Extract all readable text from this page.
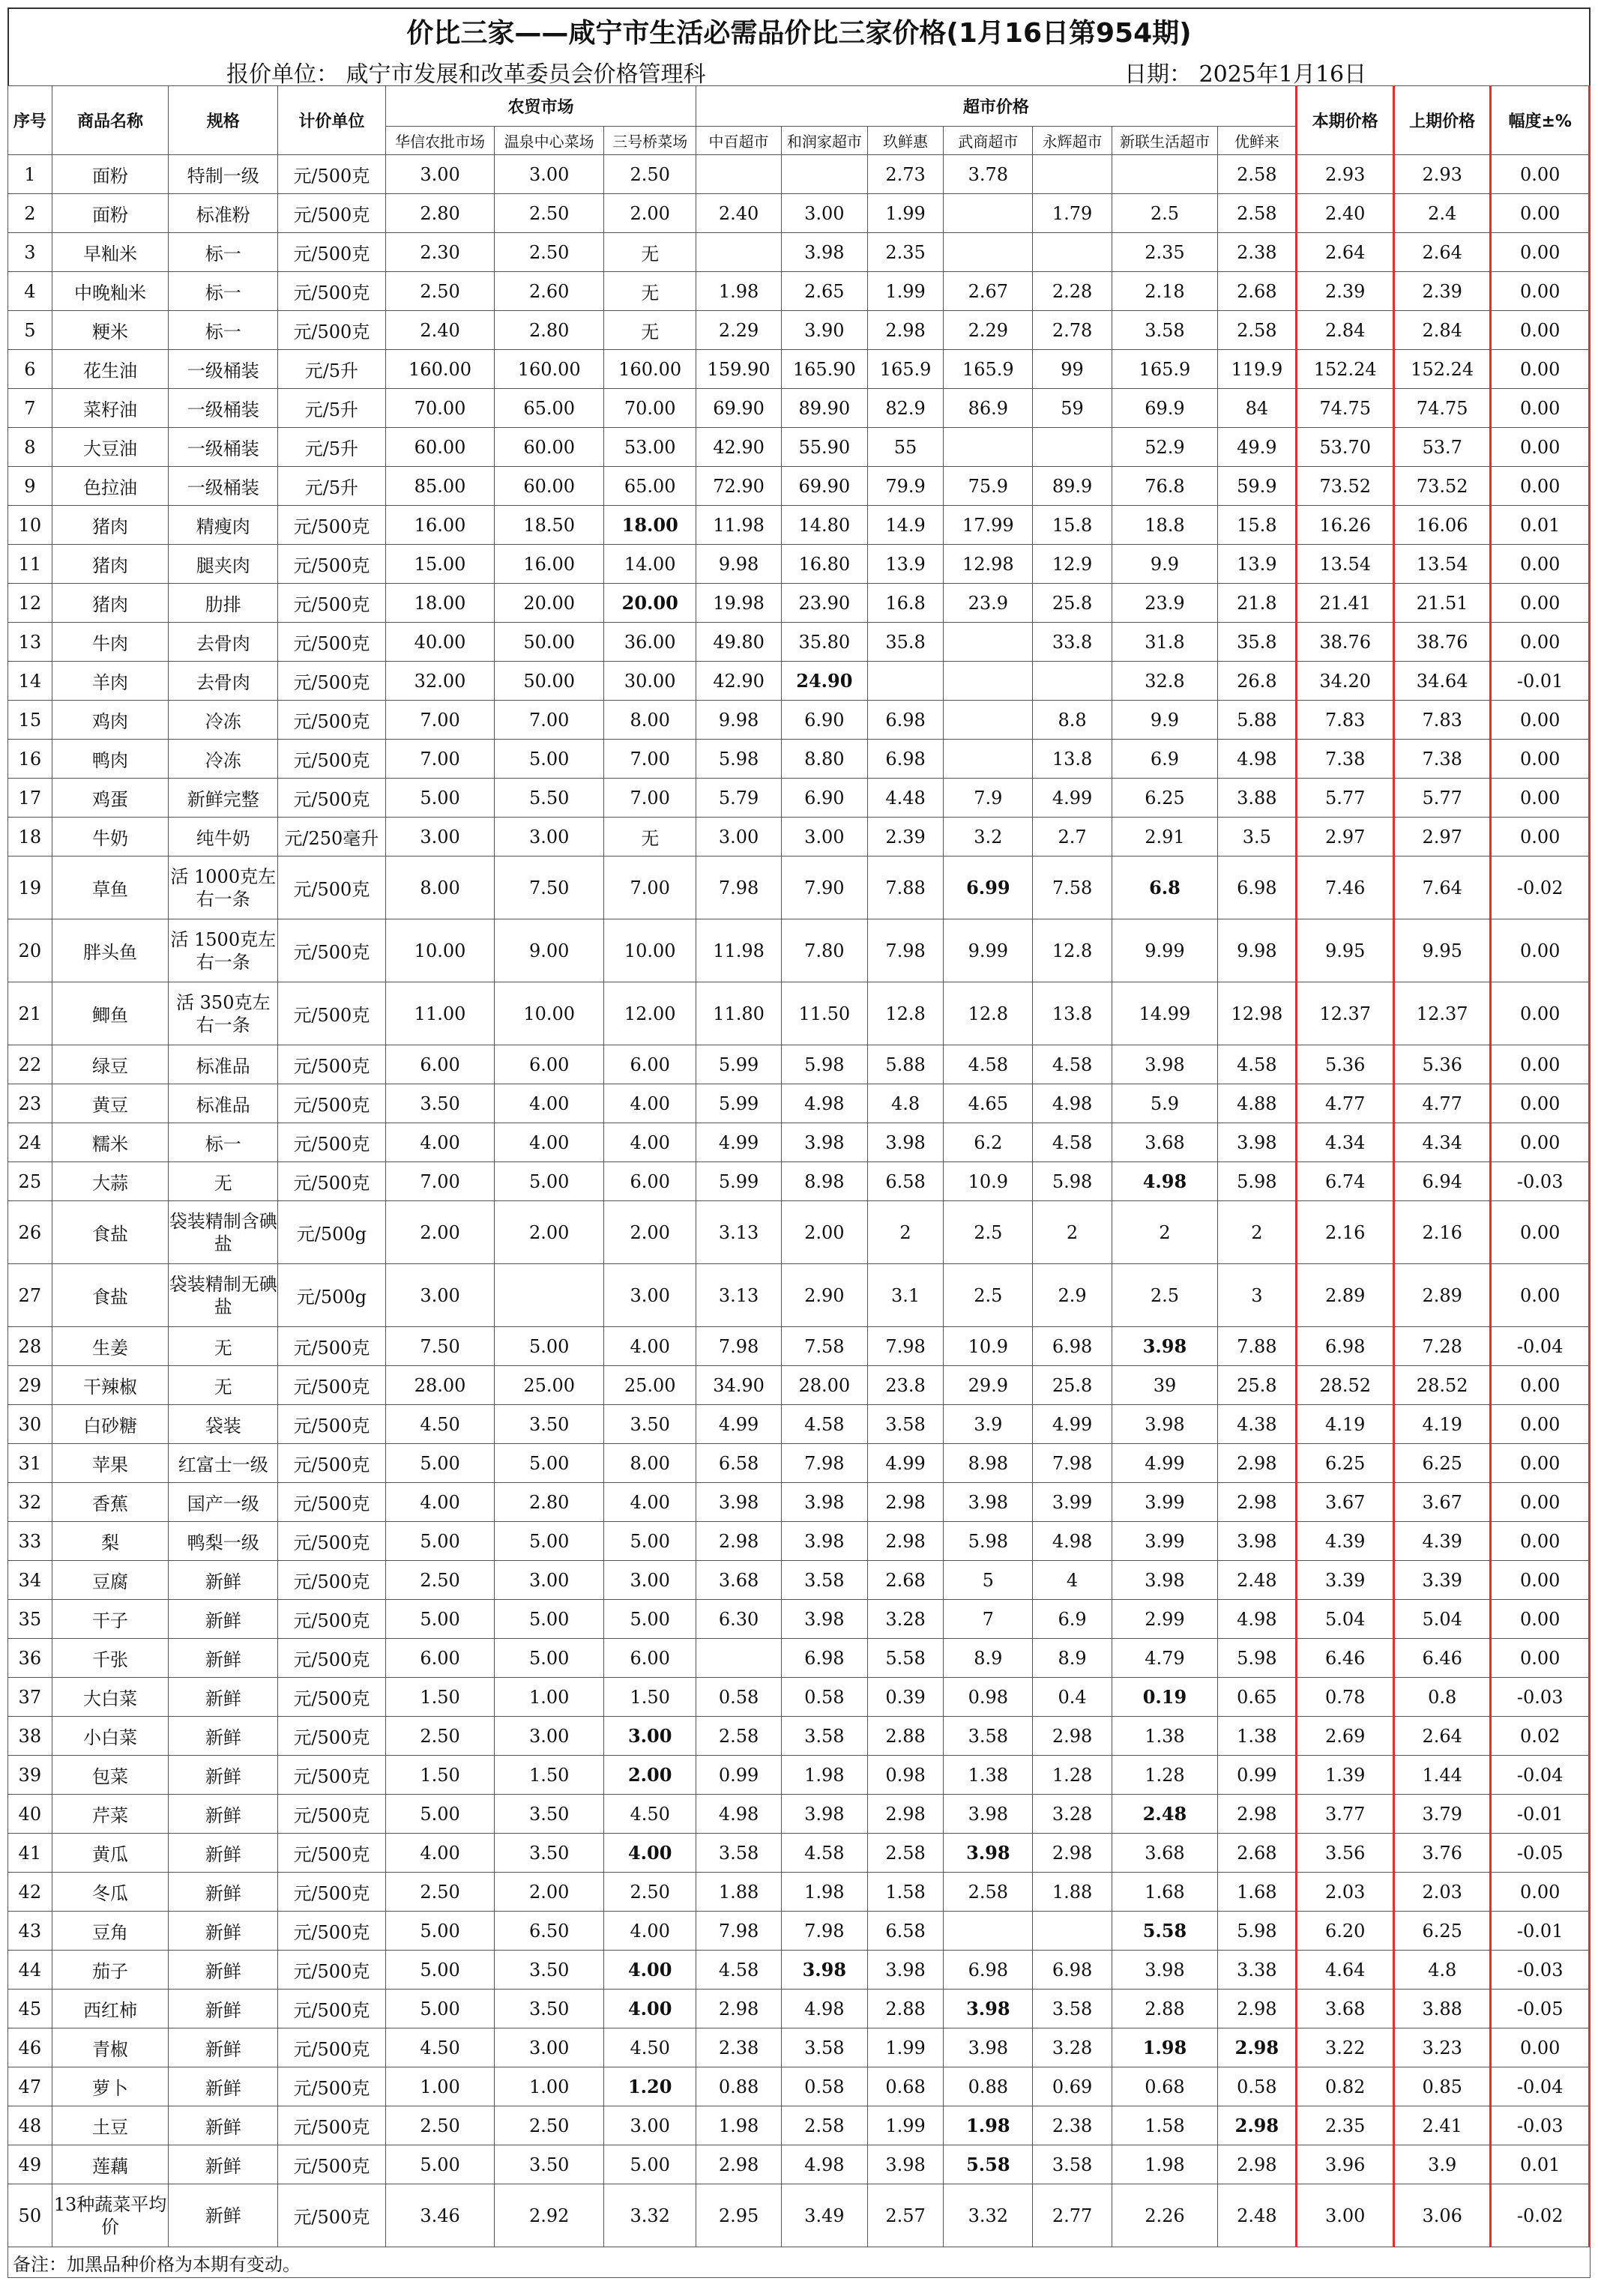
价比三家——咸宁市生活必需品价比三家价格(1月16日第954期)
报价单位： 咸宁市发展和改革委员会价格管理科	日期： 2025年1月16日
序号	商品名称	规格	计价单位	农贸市场			超市价格							本期价格	上期价格	幅度±%
				华信农批市场	温泉中心菜场	三号桥菜场	中百超市	和润家超市	玖鲜惠	武商超市	永辉超市	新联生活超市	优鲜来			
1	面粉	特制一级	元/500克	3.00	3.00	2.50			2.73	3.78			2.58	2.93	2.93	0.00
2	面粉	标准粉	元/500克	2.80	2.50	2.00	2.40	3.00	1.99		1.79	2.5	2.58	2.40	2.4	0.00
3	早籼米	标一	元/500克	2.30	2.50	无		3.98	2.35			2.35	2.38	2.64	2.64	0.00
4	中晚籼米	标一	元/500克	2.50	2.60	无	1.98	2.65	1.99	2.67	2.28	2.18	2.68	2.39	2.39	0.00
5	粳米	标一	元/500克	2.40	2.80	无	2.29	3.90	2.98	2.29	2.78	3.58	2.58	2.84	2.84	0.00
6	花生油	一级桶装	元/5升	160.00	160.00	160.00	159.90	165.90	165.9	165.9	99	165.9	119.9	152.24	152.24	0.00
7	菜籽油	一级桶装	元/5升	70.00	65.00	70.00	69.90	89.90	82.9	86.9	59	69.9	84	74.75	74.75	0.00
8	大豆油	一级桶装	元/5升	60.00	60.00	53.00	42.90	55.90	55			52.9	49.9	53.70	53.7	0.00
9	色拉油	一级桶装	元/5升	85.00	60.00	65.00	72.90	69.90	79.9	75.9	89.9	76.8	59.9	73.52	73.52	0.00
10	猪肉	精瘦肉	元/500克	16.00	18.50	18.00	11.98	14.80	14.9	17.99	15.8	18.8	15.8	16.26	16.06	0.01
11	猪肉	腿夹肉	元/500克	15.00	16.00	14.00	9.98	16.80	13.9	12.98	12.9	9.9	13.9	13.54	13.54	0.00
12	猪肉	肋排	元/500克	18.00	20.00	20.00	19.98	23.90	16.8	23.9	25.8	23.9	21.8	21.41	21.51	0.00
13	牛肉	去骨肉	元/500克	40.00	50.00	36.00	49.80	35.80	35.8		33.8	31.8	35.8	38.76	38.76	0.00
14	羊肉	去骨肉	元/500克	32.00	50.00	30.00	42.90	24.90				32.8	26.8	34.20	34.64	-0.01
15	鸡肉	冷冻	元/500克	7.00	7.00	8.00	9.98	6.90	6.98		8.8	9.9	5.88	7.83	7.83	0.00
16	鸭肉	冷冻	元/500克	7.00	5.00	7.00	5.98	8.80	6.98		13.8	6.9	4.98	7.38	7.38	0.00
17	鸡蛋	新鲜完整	元/500克	5.00	5.50	7.00	5.79	6.90	4.48	7.9	4.99	6.25	3.88	5.77	5.77	0.00
18	牛奶	纯牛奶	元/250毫升	3.00	3.00	无	3.00	3.00	2.39	3.2	2.7	2.91	3.5	2.97	2.97	0.00
19	草鱼	活 1000克左右一条	元/500克	8.00	7.50	7.00	7.98	7.90	7.88	6.99	7.58	6.8	6.98	7.46	7.64	-0.02
20	胖头鱼	活 1500克左右一条	元/500克	10.00	9.00	10.00	11.98	7.80	7.98	9.99	12.8	9.99	9.98	9.95	9.95	0.00
21	鲫鱼	活 350克左右一条	元/500克	11.00	10.00	12.00	11.80	11.50	12.8	12.8	13.8	14.99	12.98	12.37	12.37	0.00
22	绿豆	标准品	元/500克	6.00	6.00	6.00	5.99	5.98	5.88	4.58	4.58	3.98	4.58	5.36	5.36	0.00
23	黄豆	标准品	元/500克	3.50	4.00	4.00	5.99	4.98	4.8	4.65	4.98	5.9	4.88	4.77	4.77	0.00
24	糯米	标一	元/500克	4.00	4.00	4.00	4.99	3.98	3.98	6.2	4.58	3.68	3.98	4.34	4.34	0.00
25	大蒜	无	元/500克	7.00	5.00	6.00	5.99	8.98	6.58	10.9	5.98	4.98	5.98	6.74	6.94	-0.03
26	食盐	袋装精制含碘盐	元/500g	2.00	2.00	2.00	3.13	2.00	2	2.5	2	2	2	2.16	2.16	0.00
27	食盐	袋装精制无碘盐	元/500g	3.00		3.00	3.13	2.90	3.1	2.5	2.9	2.5	3	2.89	2.89	0.00
28	生姜	无	元/500克	7.50	5.00	4.00	7.98	7.58	7.98	10.9	6.98	3.98	7.88	6.98	7.28	-0.04
29	干辣椒	无	元/500克	28.00	25.00	25.00	34.90	28.00	23.8	29.9	25.8	39	25.8	28.52	28.52	0.00
30	白砂糖	袋装	元/500克	4.50	3.50	3.50	4.99	4.58	3.58	3.9	4.99	3.98	4.38	4.19	4.19	0.00
31	苹果	红富士一级	元/500克	5.00	5.00	8.00	6.58	7.98	4.99	8.98	7.98	4.99	2.98	6.25	6.25	0.00
32	香蕉	国产一级	元/500克	4.00	2.80	4.00	3.98	3.98	2.98	3.98	3.99	3.99	2.98	3.67	3.67	0.00
33	梨	鸭梨一级	元/500克	5.00	5.00	5.00	2.98	3.98	2.98	5.98	4.98	3.99	3.98	4.39	4.39	0.00
34	豆腐	新鲜	元/500克	2.50	3.00	3.00	3.68	3.58	2.68	5	4	3.98	2.48	3.39	3.39	0.00
35	干子	新鲜	元/500克	5.00	5.00	5.00	6.30	3.98	3.28	7	6.9	2.99	4.98	5.04	5.04	0.00
36	千张	新鲜	元/500克	6.00	5.00	6.00		6.98	5.58	8.9	8.9	4.79	5.98	6.46	6.46	0.00
37	大白菜	新鲜	元/500克	1.50	1.00	1.50	0.58	0.58	0.39	0.98	0.4	0.19	0.65	0.78	0.8	-0.03
38	小白菜	新鲜	元/500克	2.50	3.00	3.00	2.58	3.58	2.88	3.58	2.98	1.38	1.38	2.69	2.64	0.02
39	包菜	新鲜	元/500克	1.50	1.50	2.00	0.99	1.98	0.98	1.38	1.28	1.28	0.99	1.39	1.44	-0.04
40	芹菜	新鲜	元/500克	5.00	3.50	4.50	4.98	3.98	2.98	3.98	3.28	2.48	2.98	3.77	3.79	-0.01
41	黄瓜	新鲜	元/500克	4.00	3.50	4.00	3.58	4.58	2.58	3.98	2.98	3.68	2.68	3.56	3.76	-0.05
42	冬瓜	新鲜	元/500克	2.50	2.00	2.50	1.88	1.98	1.58	2.58	1.88	1.68	1.68	2.03	2.03	0.00
43	豆角	新鲜	元/500克	5.00	6.50	4.00	7.98	7.98	6.58			5.58	5.98	6.20	6.25	-0.01
44	茄子	新鲜	元/500克	5.00	3.50	4.00	4.58	3.98	3.98	6.98	6.98	3.98	3.38	4.64	4.8	-0.03
45	西红柿	新鲜	元/500克	5.00	3.50	4.00	2.98	4.98	2.88	3.98	3.58	2.88	2.98	3.68	3.88	-0.05
46	青椒	新鲜	元/500克	4.50	3.00	4.50	2.38	3.58	1.99	3.98	3.28	1.98	2.98	3.22	3.23	0.00
47	萝卜	新鲜	元/500克	1.00	1.00	1.20	0.88	0.58	0.68	0.88	0.69	0.68	0.58	0.82	0.85	-0.04
48	土豆	新鲜	元/500克	2.50	2.50	3.00	1.98	2.58	1.99	1.98	2.38	1.58	2.98	2.35	2.41	-0.03
49	莲藕	新鲜	元/500克	5.00	3.50	5.00	2.98	4.98	3.98	5.58	3.58	1.98	2.98	3.96	3.9	0.01
50	13种蔬菜平均价	新鲜	元/500克	3.46	2.92	3.32	2.95	3.49	2.57	3.32	2.77	2.26	2.48	3.00	3.06	-0.02
备注：加黑品种价格为本期有变动。
